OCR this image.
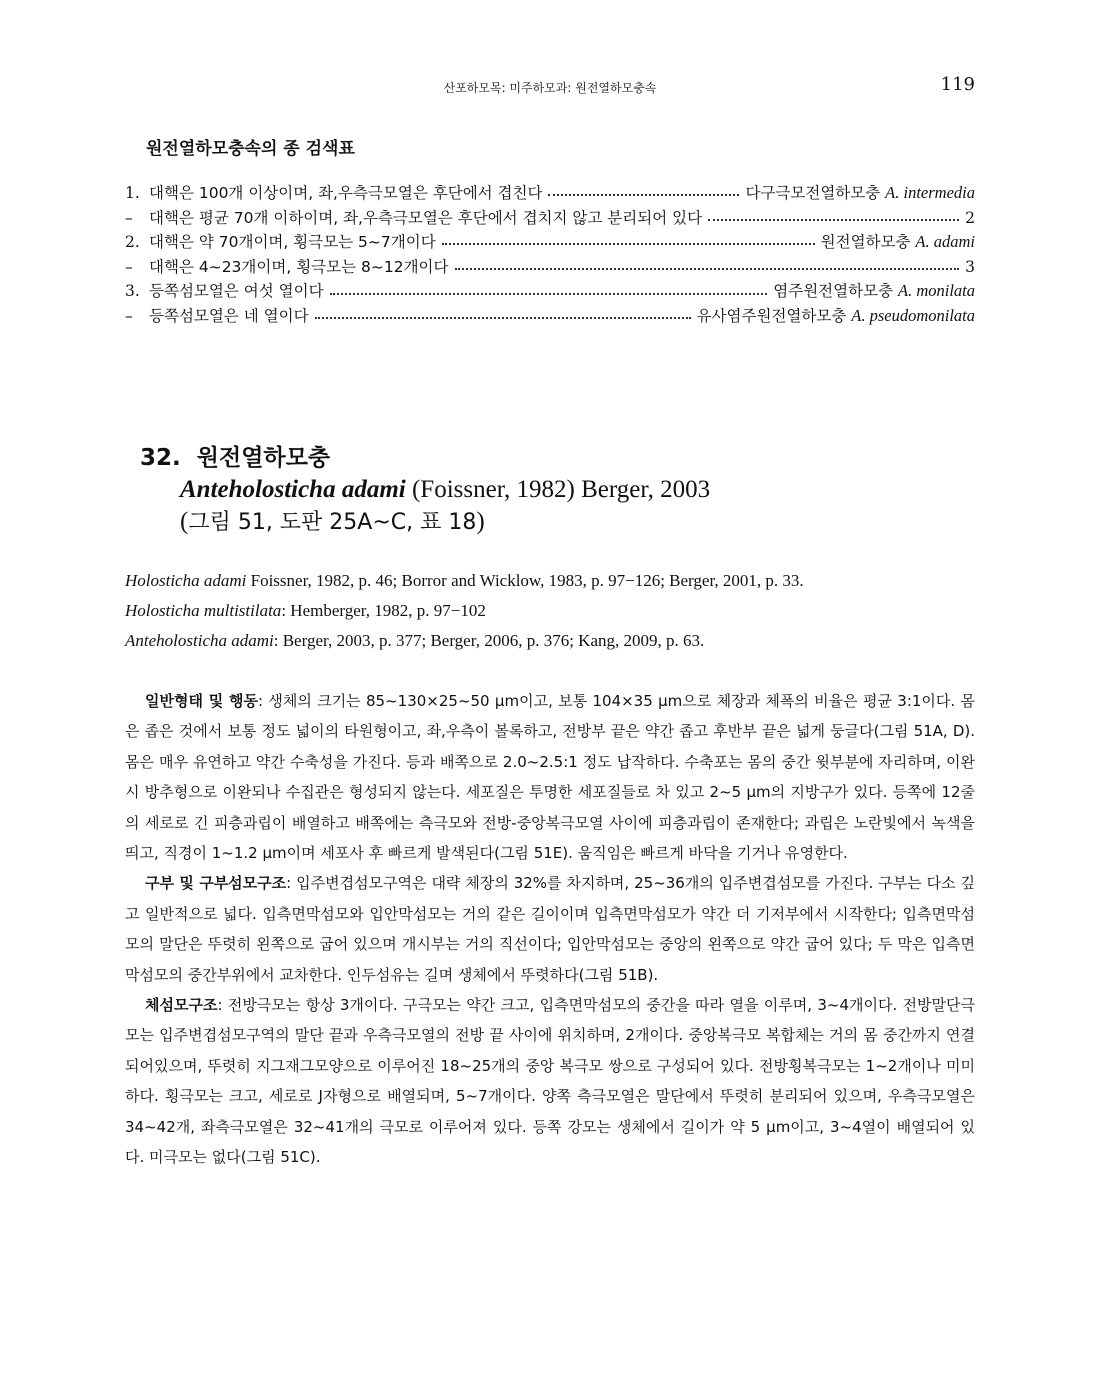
산포하모목: 미주하모과: 원전열하모충속	119
원전열하모충속의 종 검색표
1. 대핵은 100개 이상이며, 좌,우측극모열은 후단에서 겹친다	다구극모전열하모충 A. intermedia
–	대핵은 평균 70개 이하이며, 좌,우측극모열은 후단에서 겹치지 않고 분리되어 있다	2
2. 대핵은 약 70개이며, 횡극모는 5~7개이다	원전열하모충 A. adami
–	대핵은 4~23개이며, 횡극모는 8~12개이다	3
3. 등쪽섬모열은 여섯 열이다	염주원전열하모충 A. monilata
–	등쪽섬모열은 네 열이다	유사염주원전열하모충 A. pseudomonilata
32. 원전열하모충
Anteholosticha adami (Foissner, 1982) Berger, 2003
(그림 51, 도판 25A~C, 표 18)
Holosticha adami Foissner, 1982, p. 46; Borror and Wicklow, 1983, p. 97−126; Berger, 2001, p. 33.
Holosticha multistilata: Hemberger, 1982, p. 97−102
Anteholosticha adami: Berger, 2003, p. 377; Berger, 2006, p. 376; Kang, 2009, p. 63.

일반형태 및 행동: 생체의 크기는 85~130×25~50 μm이고, 보통 104×35 μm으로 체장과 체폭의 비율은 평균 3:1이다. 몸은 좁은 것에서 보통 정도 넓이의 타원형이고, 좌,우측이 볼록하고, 전방부 끝은 약간 좁고 후반부 끝은 넓게 둥글다(그림 51A, D). 몸은 매우 유연하고 약간 수축성을 가진다. 등과 배쪽으로 2.0~2.5:1 정도 납작하다. 수축포는 몸의 중간 윗부분에 자리하며, 이완시 방추형으로 이완되나 수집관은 형성되지 않는다. 세포질은 투명한 세포질들로 차 있고 2~5 μm의 지방구가 있다. 등쪽에 12줄의 세로로 긴 피층과립이 배열하고 배쪽에는 측극모와 전방-중앙복극모열 사이에 피층과립이 존재한다; 과립은 노란빛에서 녹색을 띄고, 직경이 1~1.2 μm이며 세포사 후 빠르게 발색된다(그림 51E). 움직임은 빠르게 바닥을 기거나 유영한다.

구부 및 구부섬모구조: 입주변겹섬모구역은 대략 체장의 32%를 차지하며, 25~36개의 입주변겹섬모를 가진다. 구부는 다소 깊고 일반적으로 넓다. 입측면막섬모와 입안막섬모는 거의 같은 길이이며 입측면막섬모가 약간 더 기저부에서 시작한다; 입측면막섬모의 말단은 뚜렷히 왼쪽으로 굽어 있으며 개시부는 거의 직선이다; 입안막섬모는 중앙의 왼쪽으로 약간 굽어 있다; 두 막은 입측면막섬모의 중간부위에서 교차한다. 인두섬유는 길며 생체에서 뚜렷하다(그림 51B).

체섬모구조: 전방극모는 항상 3개이다. 구극모는 약간 크고, 입측면막섬모의 중간을 따라 열을 이루며, 3~4개이다. 전방말단극모는 입주변겹섬모구역의 말단 끝과 우측극모열의 전방 끝 사이에 위치하며, 2개이다. 중앙복극모 복합체는 거의 몸 중간까지 연결되어있으며, 뚜렷히 지그재그모양으로 이루어진 18~25개의 중앙 복극모 쌍으로 구성되어 있다. 전방횡복극모는 1~2개이나 미미하다. 횡극모는 크고, 세로로 J자형으로 배열되며, 5~7개이다. 양쪽 측극모열은 말단에서 뚜렷히 분리되어 있으며, 우측극모열은 34~42개, 좌측극모열은 32~41개의 극모로 이루어져 있다. 등쪽 강모는 생체에서 길이가 약 5 μm이고, 3~4열이 배열되어 있다. 미극모는 없다(그림 51C).
